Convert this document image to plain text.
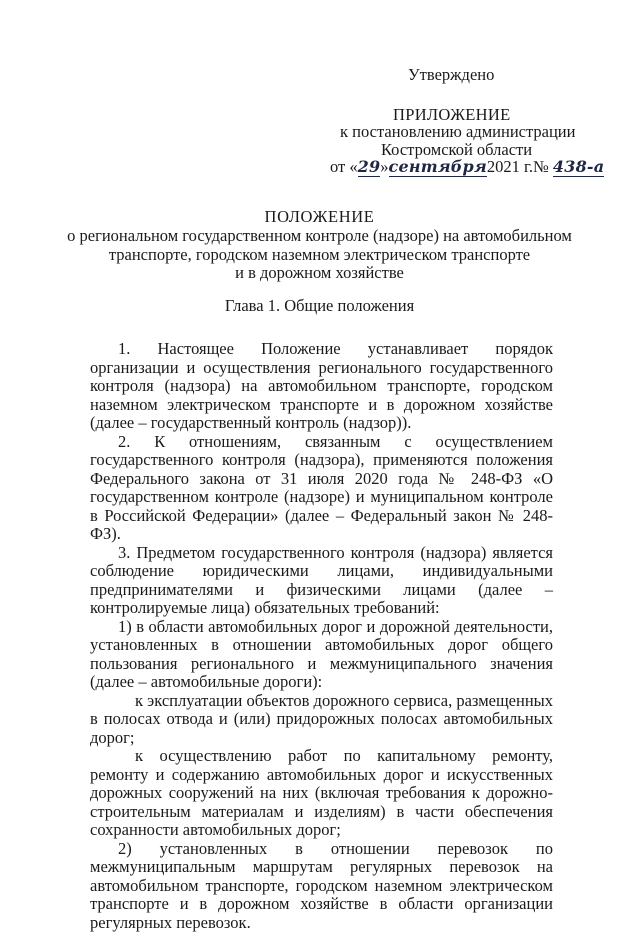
Утверждено
ПРИЛОЖЕНИЕ
к постановлению администрации
Костромской области
от «29»сентября2021 г.№ 438-а
ПОЛОЖЕНИЕ
о региональном государственном контроле (надзоре) на автомобильном
транспорте, городском наземном электрическом транспорте
и в дорожном хозяйстве
Глава 1. Общие положения

1. Настоящее Положение устанавливает порядок организации и осуществления регионального государственного контроля (надзора) на автомобильном транспорте, городском наземном электрическом транспорте и в дорожном хозяйстве (далее – государственный контроль (надзор)).

2. К отношениям, связанным с осуществлением государственного контроля (надзора), применяются положения Федерального закона от 31 июля 2020 года № 248-ФЗ «О государственном контроле (надзоре) и муниципальном контроле в Российской Федерации» (далее – Федеральный закон № 248-ФЗ).

3. Предметом государственного контроля (надзора) является соблюдение юридическими лицами, индивидуальными предпринимателями и физическими лицами (далее – контролируемые лица) обязательных требований:

1) в области автомобильных дорог и дорожной деятельности, установленных в отношении автомобильных дорог общего пользования регионального и межмуниципального значения (далее – автомобильные дороги):

к эксплуатации объектов дорожного сервиса, размещенных в полосах отвода и (или) придорожных полосах автомобильных дорог;

к осуществлению работ по капитальному ремонту, ремонту и содержанию автомобильных дорог и искусственных дорожных сооружений на них (включая требования к дорожно-строительным материалам и изделиям) в части обеспечения сохранности автомобильных дорог;

2) установленных в отношении перевозок по межмуниципальным маршрутам регулярных перевозок на автомобильном транспорте, городском наземном электрическом транспорте и в дорожном хозяйстве в области организации регулярных перевозок.
